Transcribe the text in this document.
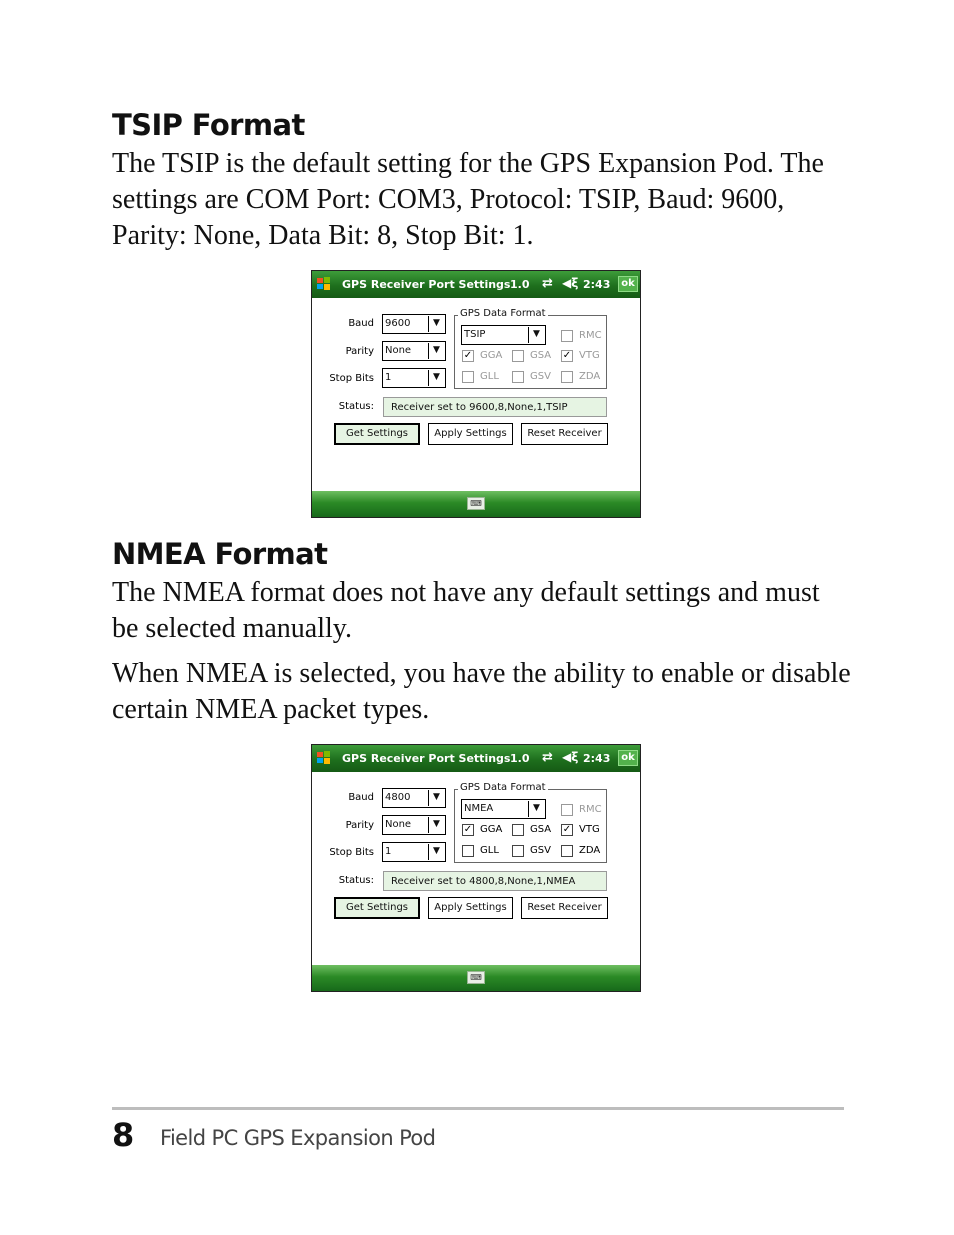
TSIP Format

The TSIP is the default setting for the GPS Expansion Pod. The settings are COM Port: COM3, Protocol: TSIP, Baud: 9600, Parity: None, Data Bit: 8, Stop Bit: 1.

GPS Receiver Port Settings 1.0 ⇄ ◀ξ 2:43	ok
Baud 9600	▼
Parity None	▼
Stop Bits 1	▼
GPS Data Format
TSIP	▼	RMC
✓ GGA	GSA ✓ VTG
GLL	GSV	ZDA
Status: Receiver set to 9600,8,None,1,TSIP
Get Settings	Apply Settings	Reset Receiver
⌨
NMEA Format

The NMEA format does not have any default settings and must be selected manually.

When NMEA is selected, you have the ability to enable or disable certain NMEA packet types.

GPS Receiver Port Settings 1.0 ⇄ ◀ξ 2:43	ok
Baud 4800	▼
Parity None	▼
Stop Bits 1	▼
GPS Data Format
NMEA	▼	RMC
✓ GGA	GSA ✓ VTG
GLL	GSV	ZDA
Status: Receiver set to 4800,8,None,1,NMEA
Get Settings	Apply Settings	Reset Receiver
⌨
8 Field PC GPS Expansion Pod
